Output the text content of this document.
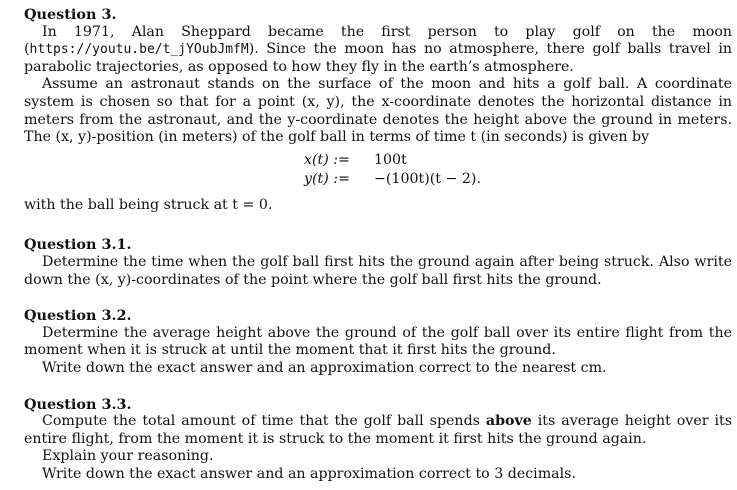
Question 3.

In 1971, Alan Sheppard became the first person to play golf on the moon (https://youtu.be/t_jYOubJmfM). Since the moon has no atmosphere, there golf balls travel in parabolic trajectories, as opposed to how they fly in the earth’s atmosphere.

Assume an astronaut stands on the surface of the moon and hits a golf ball. A coordinate system is chosen so that for a point (x, y), the x-coordinate denotes the horizontal distance in meters from the astronaut, and the y-coordinate denotes the height above the ground in meters. The (x, y)-position (in meters) of the golf ball in terms of time t (in seconds) is given by

x(t) :=	100t
y(t) :=	−(100t)(t − 2).

with the ball being struck at t = 0.

Question 3.1.

Determine the time when the golf ball first hits the ground again after being struck. Also write down the (x, y)-coordinates of the point where the golf ball first hits the ground.

Question 3.2.

Determine the average height above the ground of the golf ball over its entire flight from the moment when it is struck at until the moment that it first hits the ground.

Write down the exact answer and an approximation correct to the nearest cm.

Question 3.3.

Compute the total amount of time that the golf ball spends above its average height over its entire flight, from the moment it is struck to the moment it first hits the ground again.

Explain your reasoning.

Write down the exact answer and an approximation correct to 3 decimals.
